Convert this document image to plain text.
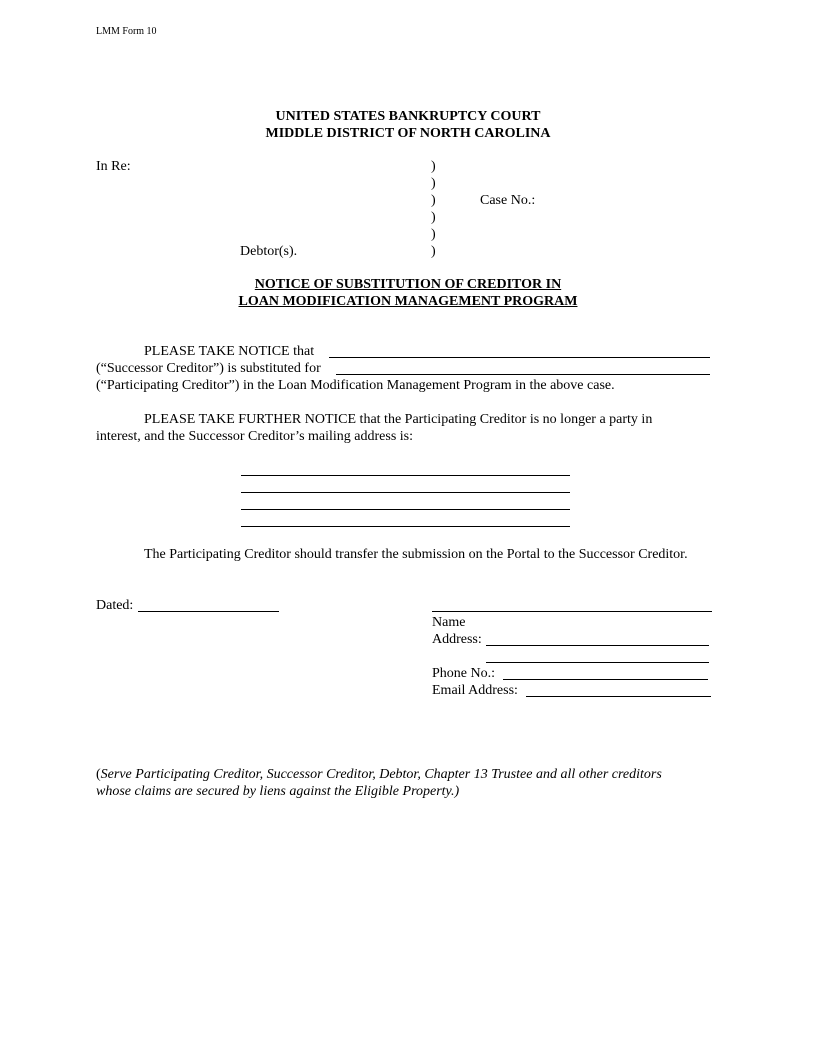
LMM Form 10
UNITED STATES BANKRUPTCY COURT
MIDDLE DISTRICT OF NORTH CAROLINA
In Re:	)
)
)
)
)
)
Case No.:
Debtor(s).
NOTICE OF SUBSTITUTION OF CREDITOR IN
LOAN MODIFICATION MANAGEMENT PROGRAM
PLEASE TAKE NOTICE that
(“Successor Creditor”) is substituted for
(“Participating Creditor”) in the Loan Modification Management Program in the above case.
PLEASE TAKE FURTHER NOTICE that the Participating Creditor is no longer a party in
interest, and the Successor Creditor’s mailing address is:
The Participating Creditor should transfer the submission on the Portal to the Successor Creditor.
Dated:
Name
Address:
Phone No.:
Email Address:
(Serve Participating Creditor, Successor Creditor, Debtor, Chapter 13 Trustee and all other creditors
whose claims are secured by liens against the Eligible Property.)
